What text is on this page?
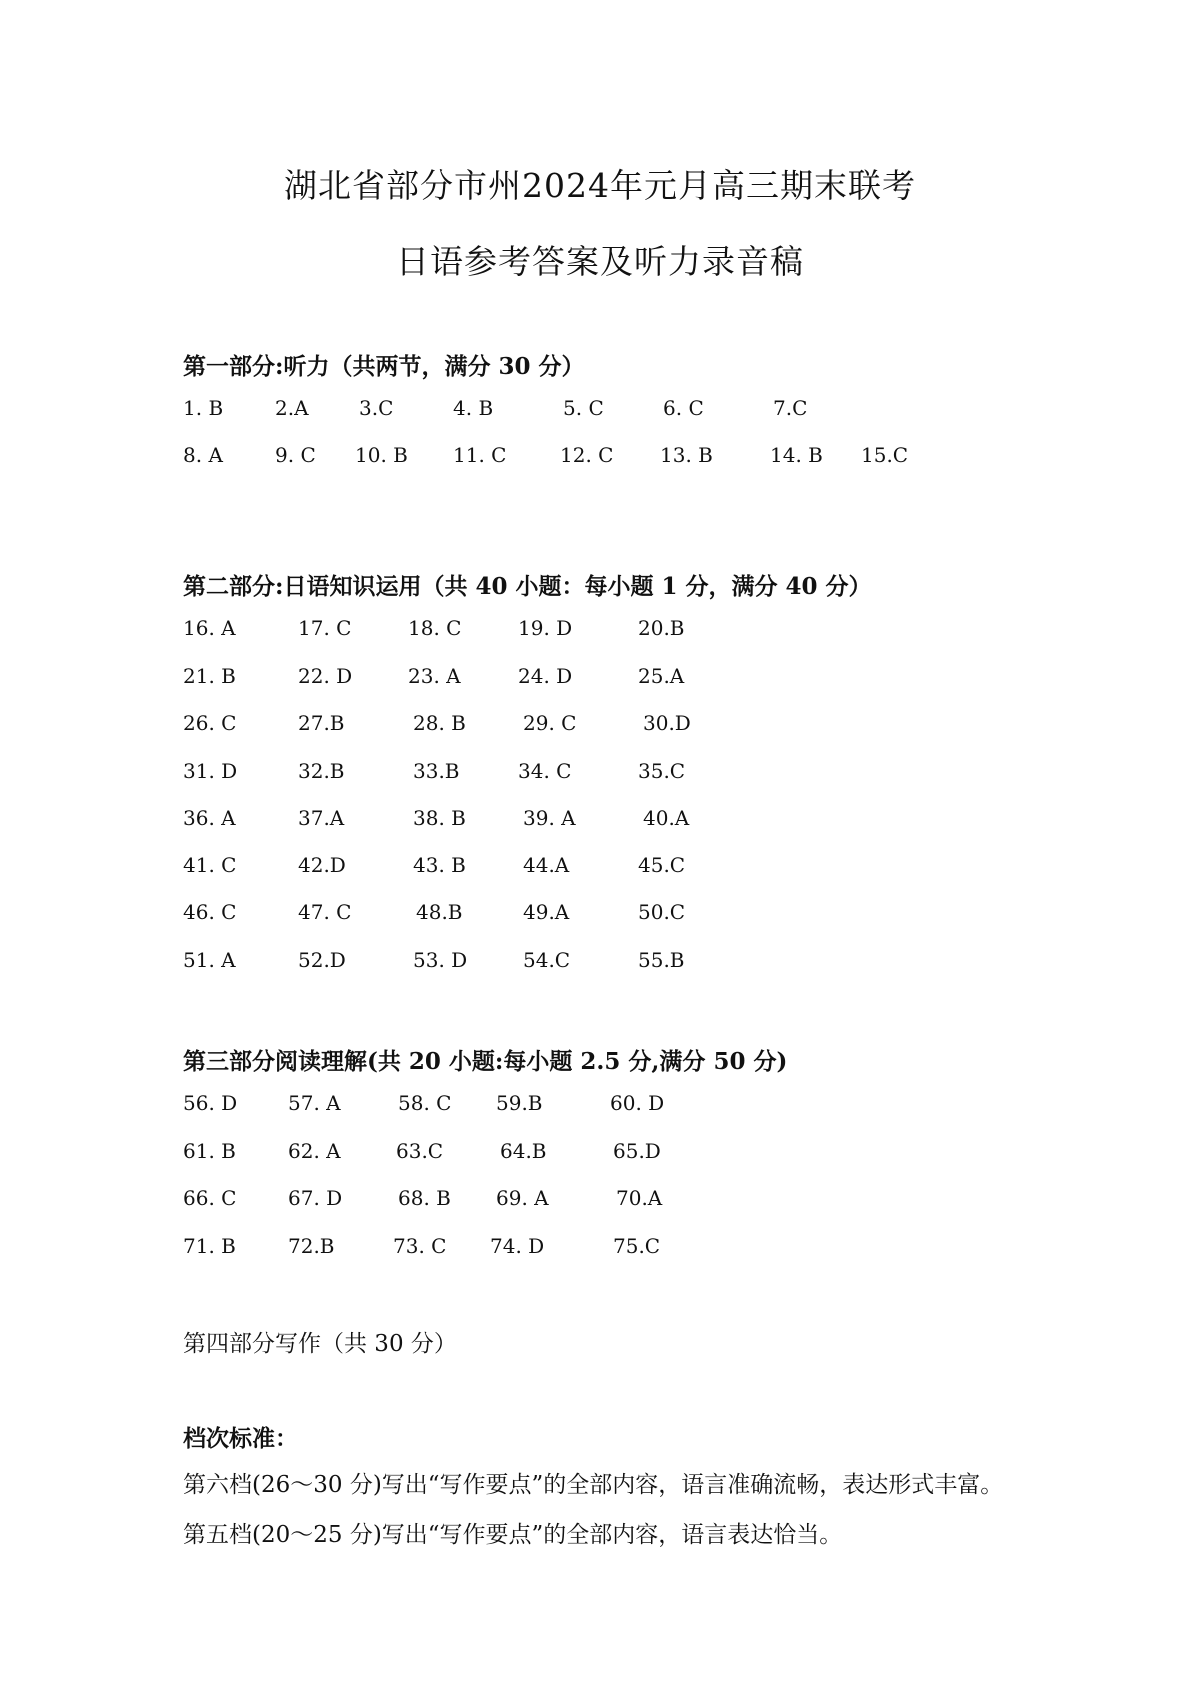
湖北省部分市州2024年元月高三期末联考
日语参考答案及听力录音稿
第一部分:听力（共两节，满分 30 分）
1. B	2.A	3.C	4. B	5. C	6. C	7.C
8. A	9. C 10. B 11. C	12. C 13. B	14. B 15.C
第二部分:日语知识运用（共 40 小题：每小题 1 分，满分 40 分）
16. A	17. C	18. C	19. D	20.B
21. B	22. D	23. A	24. D	25.A
26. C	27.B	28. B	29. C	30.D
31. D	32.B	33.B	34. C	35.C
36. A	37.A	38. B	39. A	40.A
41. C	42.D	43. B	44.A	45.C
46. C	47. C	48.B	49.A	50.C
51. A	52.D	53. D	54.C	55.B
第三部分阅读理解(共 20 小题:每小题 2.5 分,满分 50 分)
56. D	57. A	58. C 59.B	60. D
61. B	62. A	63.C	64.B	65.D
66. C	67. D	68. B 69. A	70.A
71. B	72.B	73. C 74. D	75.C
第四部分写作（共 30 分）
档次标准：
第六档(26～30 分)写出“写作要点”的全部内容，语言准确流畅，表达形式丰富。
第五档(20～25 分)写出“写作要点”的全部内容，语言表达恰当。
